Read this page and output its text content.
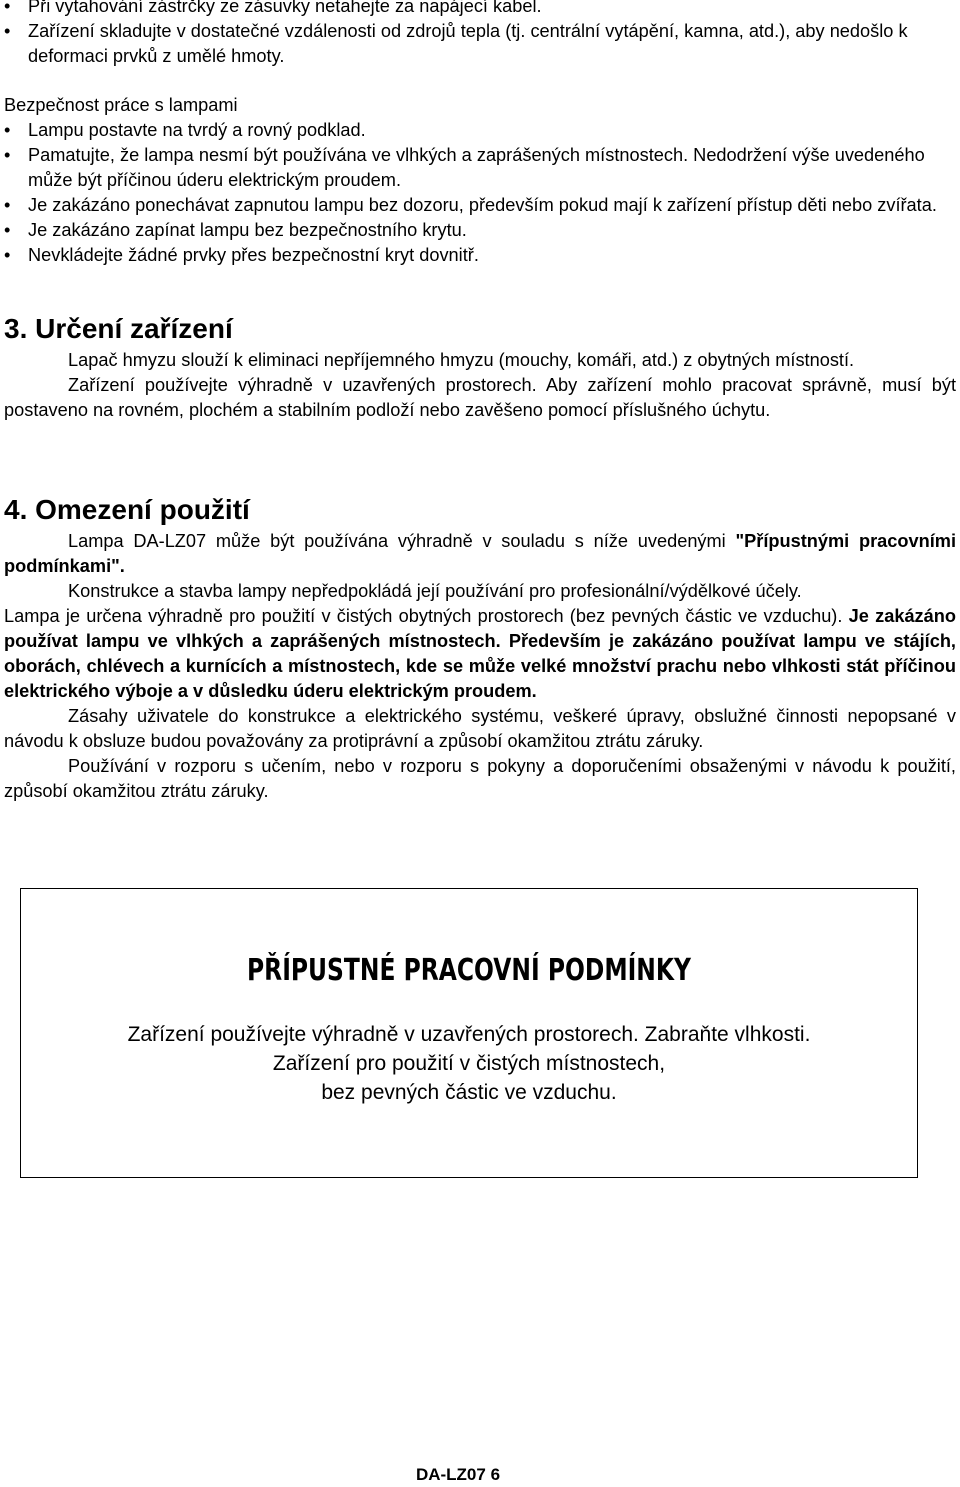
• Při vytahování zástrčky ze zásuvky netahejte za napájecí kabel.
• Zařízení skladujte v dostatečné vzdálenosti od zdrojů tepla (tj. centrální vytápění, kamna, atd.), aby nedošlo k deformaci prvků z umělé hmoty.
Bezpečnost práce s lampami
• Lampu postavte na tvrdý a rovný podklad.
• Pamatujte, že lampa nesmí být používána ve vlhkých a zaprášených místnostech. Nedodržení výše uvedeného může být příčinou úderu elektrickým proudem.
• Je zakázáno ponechávat zapnutou lampu bez dozoru, především pokud mají k zařízení přístup děti nebo zvířata.
• Je zakázáno zapínat lampu bez bezpečnostního krytu.
• Nevkládejte žádné prvky přes bezpečnostní kryt dovnitř.
3. Určení zařízení

Lapač hmyzu slouží k eliminaci nepříjemného hmyzu (mouchy, komáři, atd.) z obytných místností.

Zařízení používejte výhradně v uzavřených prostorech. Aby zařízení mohlo pracovat správně, musí být postaveno na rovném, plochém a stabilním podloží nebo zavěšeno pomocí příslušného úchytu.

4. Omezení použití

Lampa DA-LZ07 může být používána výhradně v souladu s níže uvedenými "Přípustnými pracovními podmínkami".

Konstrukce a stavba lampy nepředpokládá její používání pro profesionální/výdělkové účely.

Lampa je určena výhradně pro použití v čistých obytných prostorech (bez pevných částic ve vzduchu). Je zakázáno používat lampu ve vlhkých a zaprášených místnostech. Především je zakázáno používat lampu ve stájích, oborách, chlévech a kurnících a místnostech, kde se může velké množství prachu nebo vlhkosti stát příčinou elektrického výboje a v důsledku úderu elektrickým proudem.

Zásahy uživatele do konstrukce a elektrického systému, veškeré úpravy, obslužné činnosti nepopsané v návodu k obsluze budou považovány za protiprávní a způsobí okamžitou ztrátu záruky.

Používání v rozporu s učením, nebo v rozporu s pokyny a doporučeními obsaženými v návodu k použití, způsobí okamžitou ztrátu záruky.

PŘÍPUSTNÉ PRACOVNÍ PODMÍNKY
Zařízení používejte výhradně v uzavřených prostorech. Zabraňte vlhkosti.
Zařízení pro použití v čistých místnostech,
bez pevných částic ve vzduchu.
DA-LZ07 6
